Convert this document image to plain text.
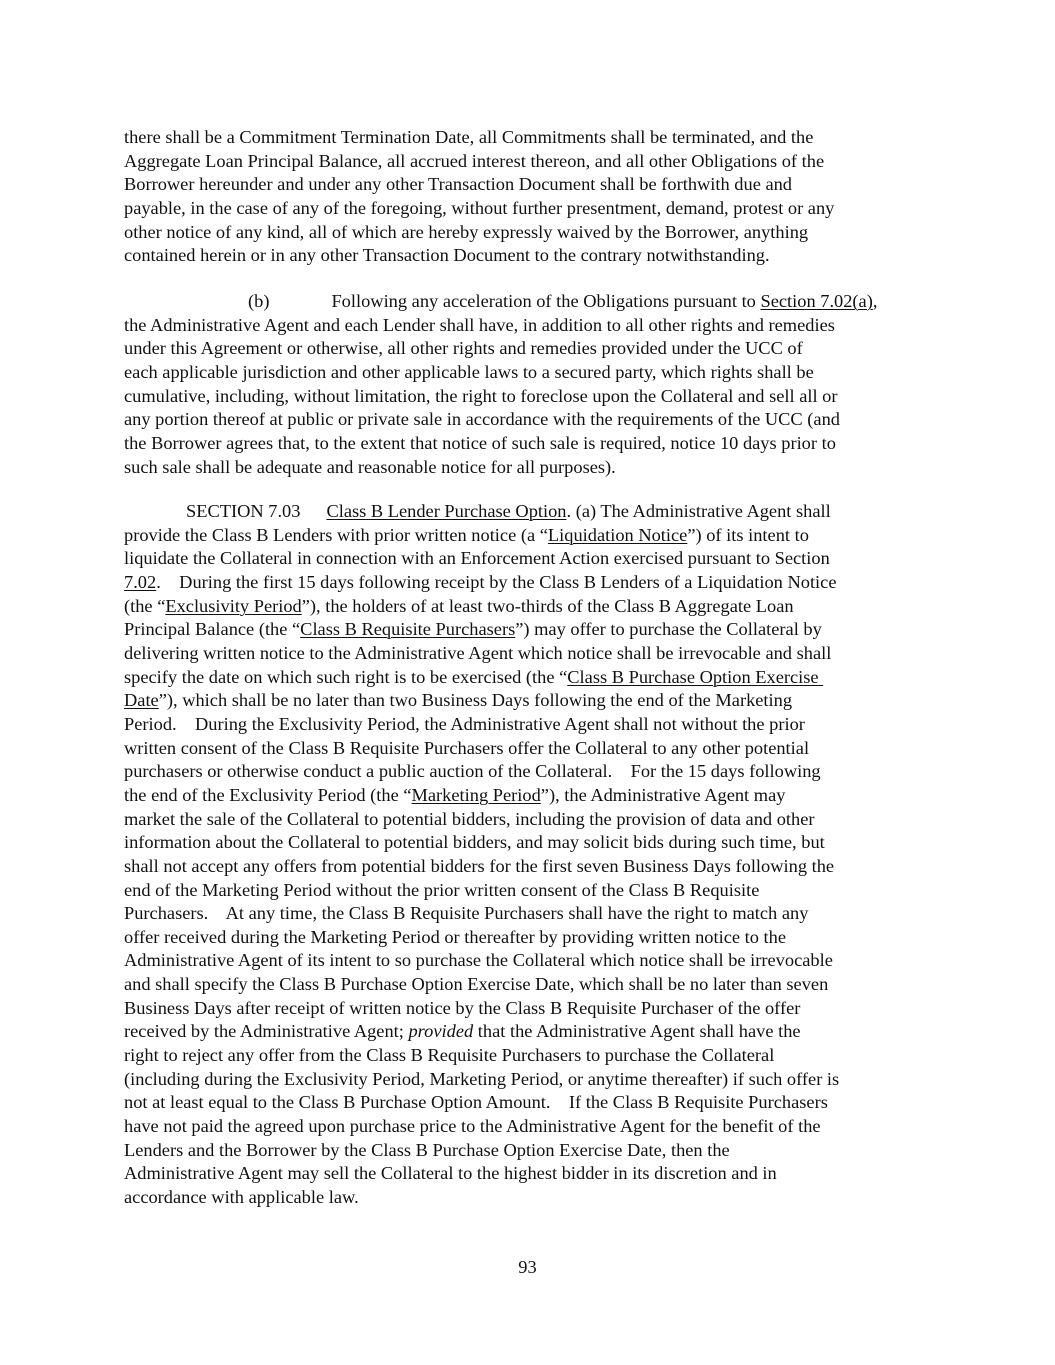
there shall be a Commitment Termination Date, all Commitments shall be terminated, and the
Aggregate Loan Principal Balance, all accrued interest thereon, and all other Obligations of the
Borrower hereunder and under any other Transaction Document shall be forthwith due and
payable, in the case of any of the foregoing, without further presentment, demand, protest or any
other notice of any kind, all of which are hereby expressly waived by the Borrower, anything
contained herein or in any other Transaction Document to the contrary notwithstanding.
(b)	Following any acceleration of the Obligations pursuant to Section 7.02(a),
the Administrative Agent and each Lender shall have, in addition to all other rights and remedies
under this Agreement or otherwise, all other rights and remedies provided under the UCC of
each applicable jurisdiction and other applicable laws to a secured party, which rights shall be
cumulative, including, without limitation, the right to foreclose upon the Collateral and sell all or
any portion thereof at public or private sale in accordance with the requirements of the UCC (and
the Borrower agrees that, to the extent that notice of such sale is required, notice 10 days prior to
such sale shall be adequate and reasonable notice for all purposes).
SECTION 7.03 Class B Lender Purchase Option. (a) The Administrative Agent shall
provide the Class B Lenders with prior written notice (a “Liquidation Notice”) of its intent to
liquidate the Collateral in connection with an Enforcement Action exercised pursuant to Section
7.02.    During the first 15 days following receipt by the Class B Lenders of a Liquidation Notice
(the “Exclusivity Period”), the holders of at least two-thirds of the Class B Aggregate Loan
Principal Balance (the “Class B Requisite Purchasers”) may offer to purchase the Collateral by
delivering written notice to the Administrative Agent which notice shall be irrevocable and shall
specify the date on which such right is to be exercised (the “Class B Purchase Option Exercise
Date”), which shall be no later than two Business Days following the end of the Marketing
Period.    During the Exclusivity Period, the Administrative Agent shall not without the prior
written consent of the Class B Requisite Purchasers offer the Collateral to any other potential
purchasers or otherwise conduct a public auction of the Collateral.    For the 15 days following
the end of the Exclusivity Period (the “Marketing Period”), the Administrative Agent may
market the sale of the Collateral to potential bidders, including the provision of data and other
information about the Collateral to potential bidders, and may solicit bids during such time, but
shall not accept any offers from potential bidders for the first seven Business Days following the
end of the Marketing Period without the prior written consent of the Class B Requisite
Purchasers.    At any time, the Class B Requisite Purchasers shall have the right to match any
offer received during the Marketing Period or thereafter by providing written notice to the
Administrative Agent of its intent to so purchase the Collateral which notice shall be irrevocable
and shall specify the Class B Purchase Option Exercise Date, which shall be no later than seven
Business Days after receipt of written notice by the Class B Requisite Purchaser of the offer
received by the Administrative Agent; provided that the Administrative Agent shall have the
right to reject any offer from the Class B Requisite Purchasers to purchase the Collateral
(including during the Exclusivity Period, Marketing Period, or anytime thereafter) if such offer is
not at least equal to the Class B Purchase Option Amount.    If the Class B Requisite Purchasers
have not paid the agreed upon purchase price to the Administrative Agent for the benefit of the
Lenders and the Borrower by the Class B Purchase Option Exercise Date, then the
Administrative Agent may sell the Collateral to the highest bidder in its discretion and in
accordance with applicable law.
93
